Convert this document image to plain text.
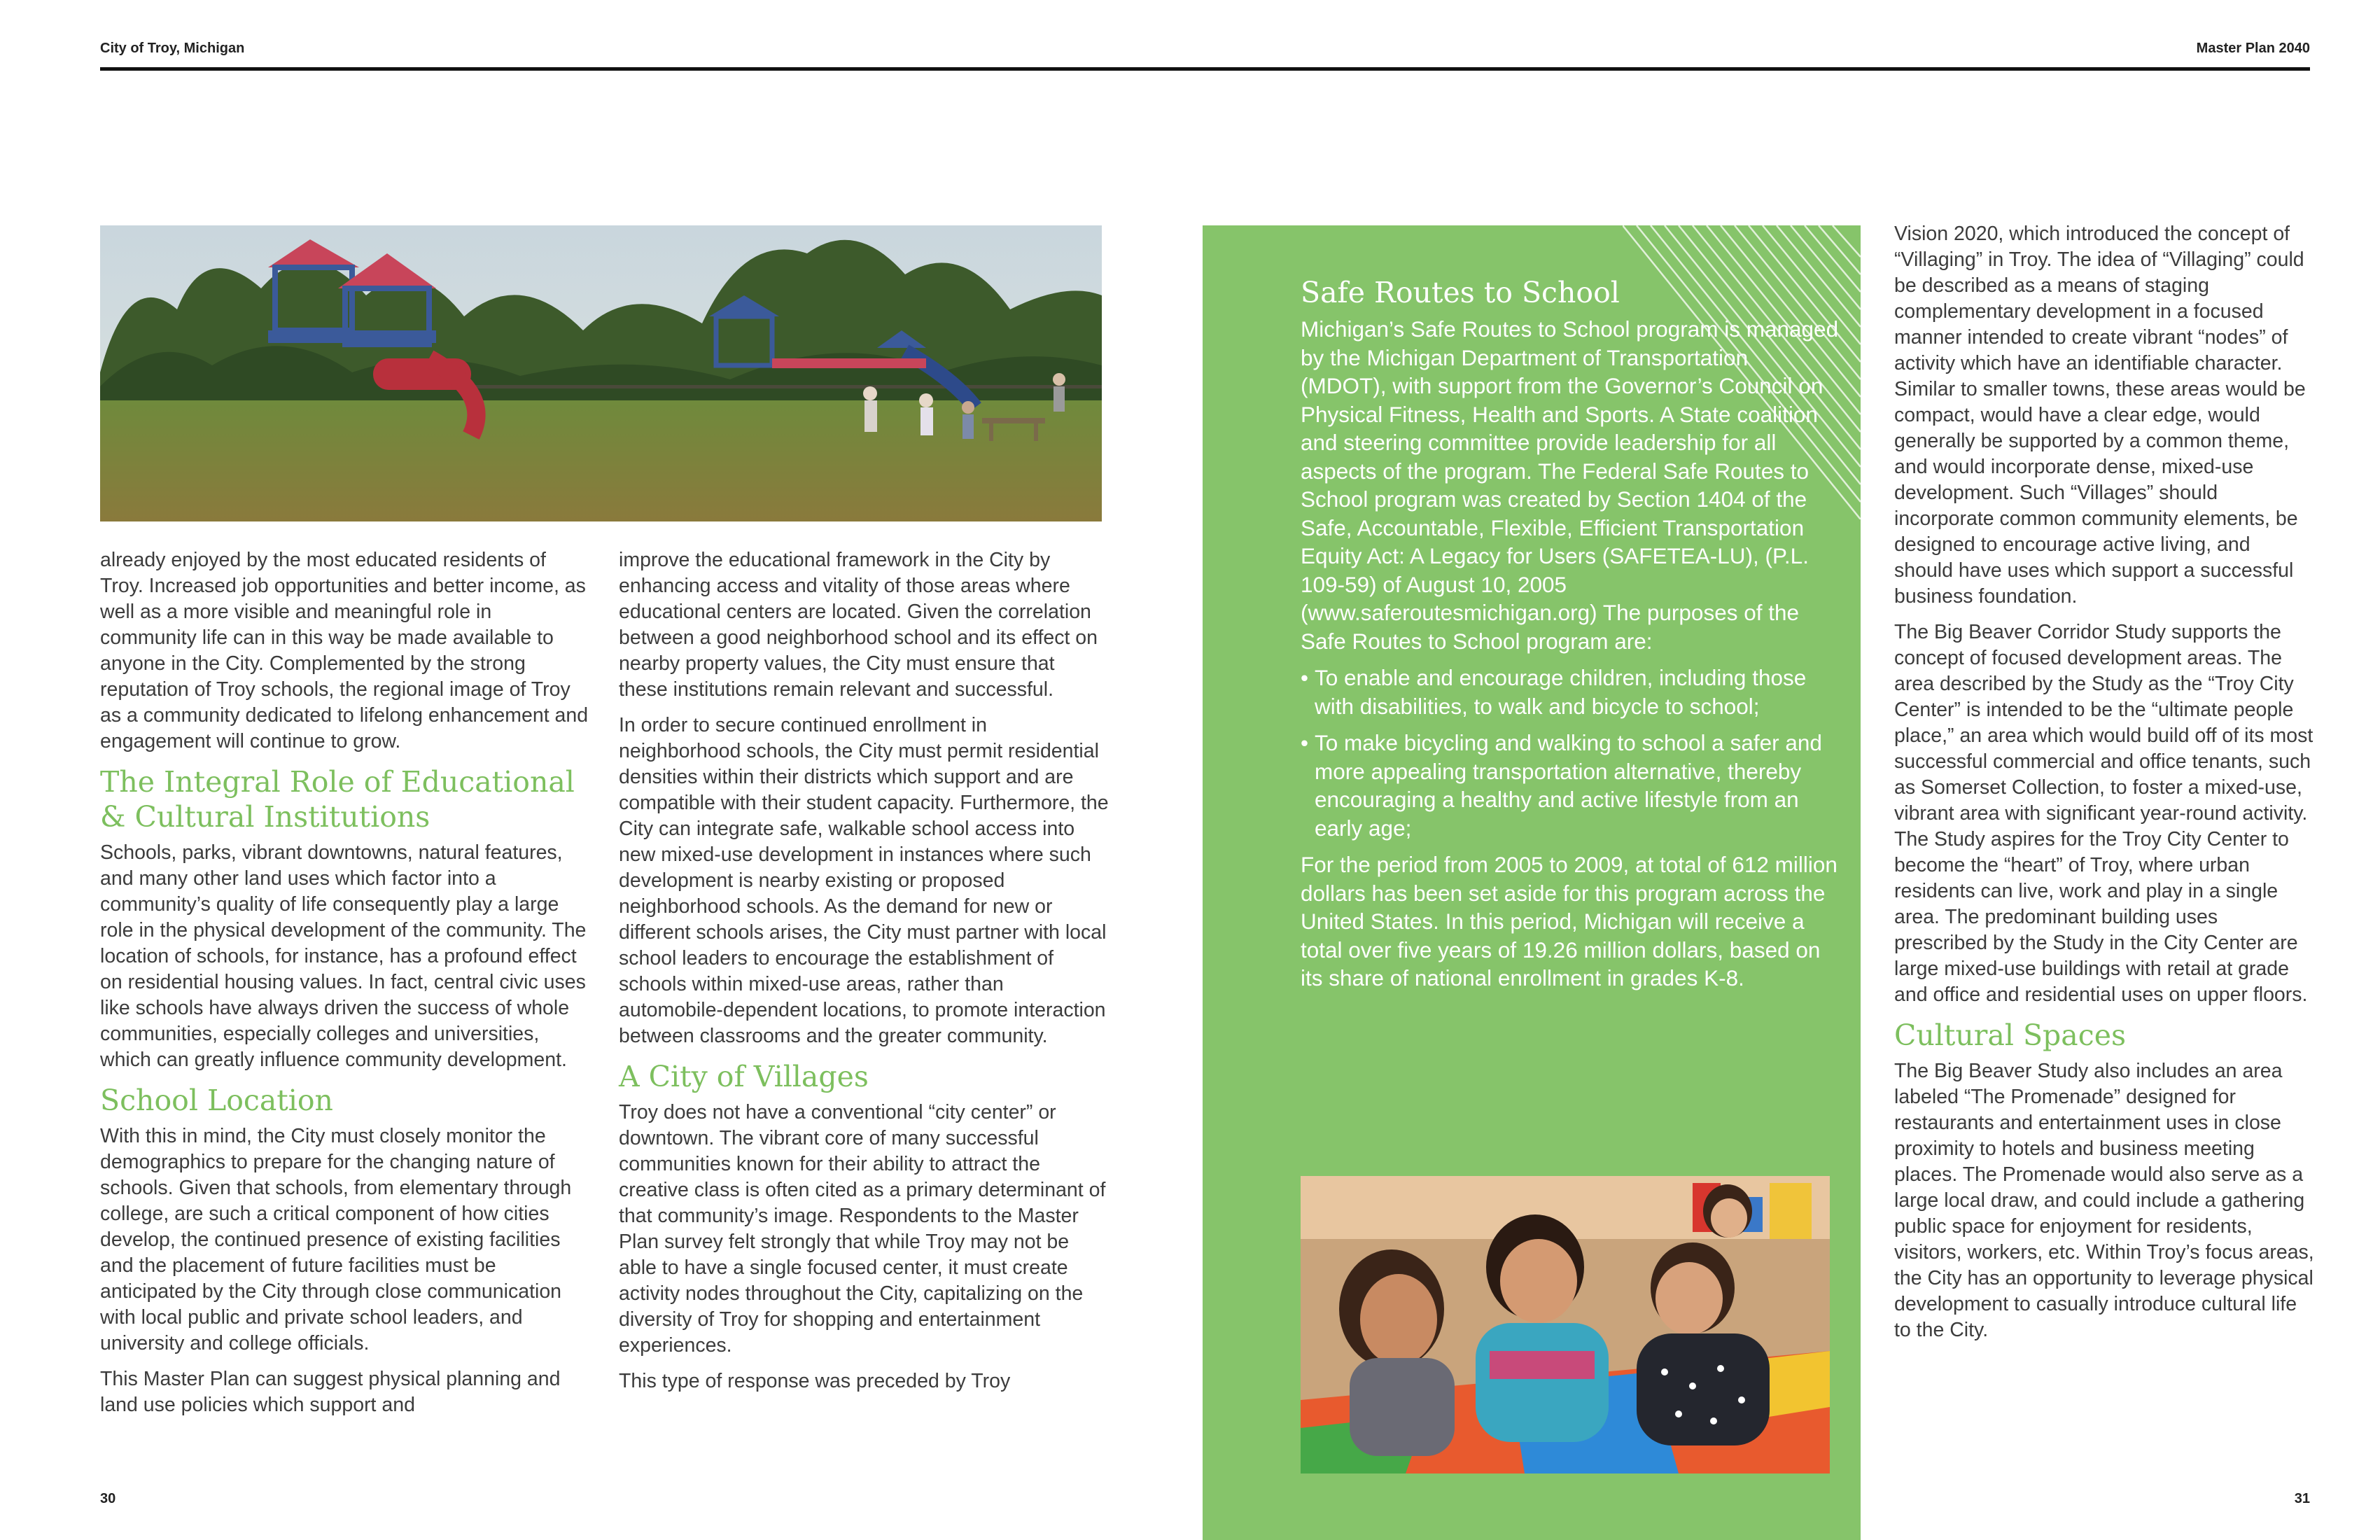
City of Troy, Michigan	Master Plan 2040

already enjoyed by the most educated residents of Troy. Increased job opportunities and better income, as well as a more visible and meaningful role in community life can in this way be made available to anyone in the City. Complemented by the strong reputation of Troy schools, the regional image of Troy as a community dedicated to lifelong enhancement and engagement will continue to grow.

The Integral Role of Educational & Cultural Institutions

Schools, parks, vibrant downtowns, natural features, and many other land uses which factor into a community’s quality of life consequently play a large role in the physical development of the community. The location of schools, for instance, has a profound effect on residential housing values. In fact, central civic uses like schools have always driven the success of whole communities, especially colleges and universities, which can greatly influence community development.

School Location

With this in mind, the City must closely monitor the demographics to prepare for the changing nature of schools. Given that schools, from elementary through college, are such a critical component of how cities develop, the continued presence of existing facilities and the placement of future facilities must be anticipated by the City through close communication with local public and private school leaders, and university and college officials.

This Master Plan can suggest physical planning and land use policies which support and

improve the educational framework in the City by enhancing access and vitality of those areas where educational centers are located. Given the correlation between a good neighborhood school and its effect on nearby property values, the City must ensure that these institutions remain relevant and successful.

In order to secure continued enrollment in neighborhood schools, the City must permit residential densities within their districts which support and are compatible with their student capacity. Furthermore, the City can integrate safe, walkable school access into new mixed-use development in instances where such development is nearby existing or proposed neighborhood schools. As the demand for new or different schools arises, the City must partner with local school leaders to encourage the establishment of schools within mixed-use areas, rather than automobile-dependent locations, to promote interaction between classrooms and the greater community.

A City of Villages

Troy does not have a conventional “city center” or downtown. The vibrant core of many successful communities known for their ability to attract the creative class is often cited as a primary determinant of that community’s image. Respondents to the Master Plan survey felt strongly that while Troy may not be able to have a single focused center, it must create activity nodes throughout the City, capitalizing on the diversity of Troy for shopping and entertainment experiences.

This type of response was preceded by Troy

Safe Routes to School

Michigan’s Safe Routes to School program is managed by the Michigan Department of Transportation (MDOT), with support from the Governor’s Council on Physical Fitness, Health and Sports. A State coalition and steering committee provide leadership for all aspects of the program. The Federal Safe Routes to School program was created by Section 1404 of the Safe, Accountable, Flexible, Efficient Transportation Equity Act: A Legacy for Users (SAFETEA-LU), (P.L. 109-59) of August 10, 2005 (www.saferoutesmichigan.org) The purposes of the Safe Routes to School program are:

• To enable and encourage children, including those with disabilities, to walk and bicycle to school;
• To make bicycling and walking to school a safer and more appealing transportation alternative, thereby encouraging a healthy and active lifestyle from an early age;

For the period from 2005 to 2009, at total of 612 million dollars has been set aside for this program across the United States. In this period, Michigan will receive a total over five years of 19.26 million dollars, based on its share of national enrollment in grades K-8.

Vision 2020, which introduced the concept of “Villaging” in Troy. The idea of “Villaging” could be described as a means of staging complementary development in a focused manner intended to create vibrant “nodes” of activity which have an identifiable character. Similar to smaller towns, these areas would be compact, would have a clear edge, would generally be supported by a common theme, and would incorporate dense, mixed-use development. Such “Villages” should incorporate common community elements, be designed to encourage active living, and should have uses which support a successful business foundation.

The Big Beaver Corridor Study supports the concept of focused development areas. The area described by the Study as the “Troy City Center” is intended to be the “ultimate people place,” an area which would build off of its most successful commercial and office tenants, such as Somerset Collection, to foster a mixed-use, vibrant area with significant year-round activity. The Study aspires for the Troy City Center to become the “heart” of Troy, where urban residents can live, work and play in a single area. The predominant building uses prescribed by the Study in the City Center are large mixed-use buildings with retail at grade and office and residential uses on upper floors.

Cultural Spaces

The Big Beaver Study also includes an area labeled “The Promenade” designed for restaurants and entertainment uses in close proximity to hotels and business meeting places. The Promenade would also serve as a large local draw, and could include a gathering public space for enjoyment for residents, visitors, workers, etc. Within Troy’s focus areas, the City has an opportunity to leverage physical development to casually introduce cultural life to the City.

30	31
